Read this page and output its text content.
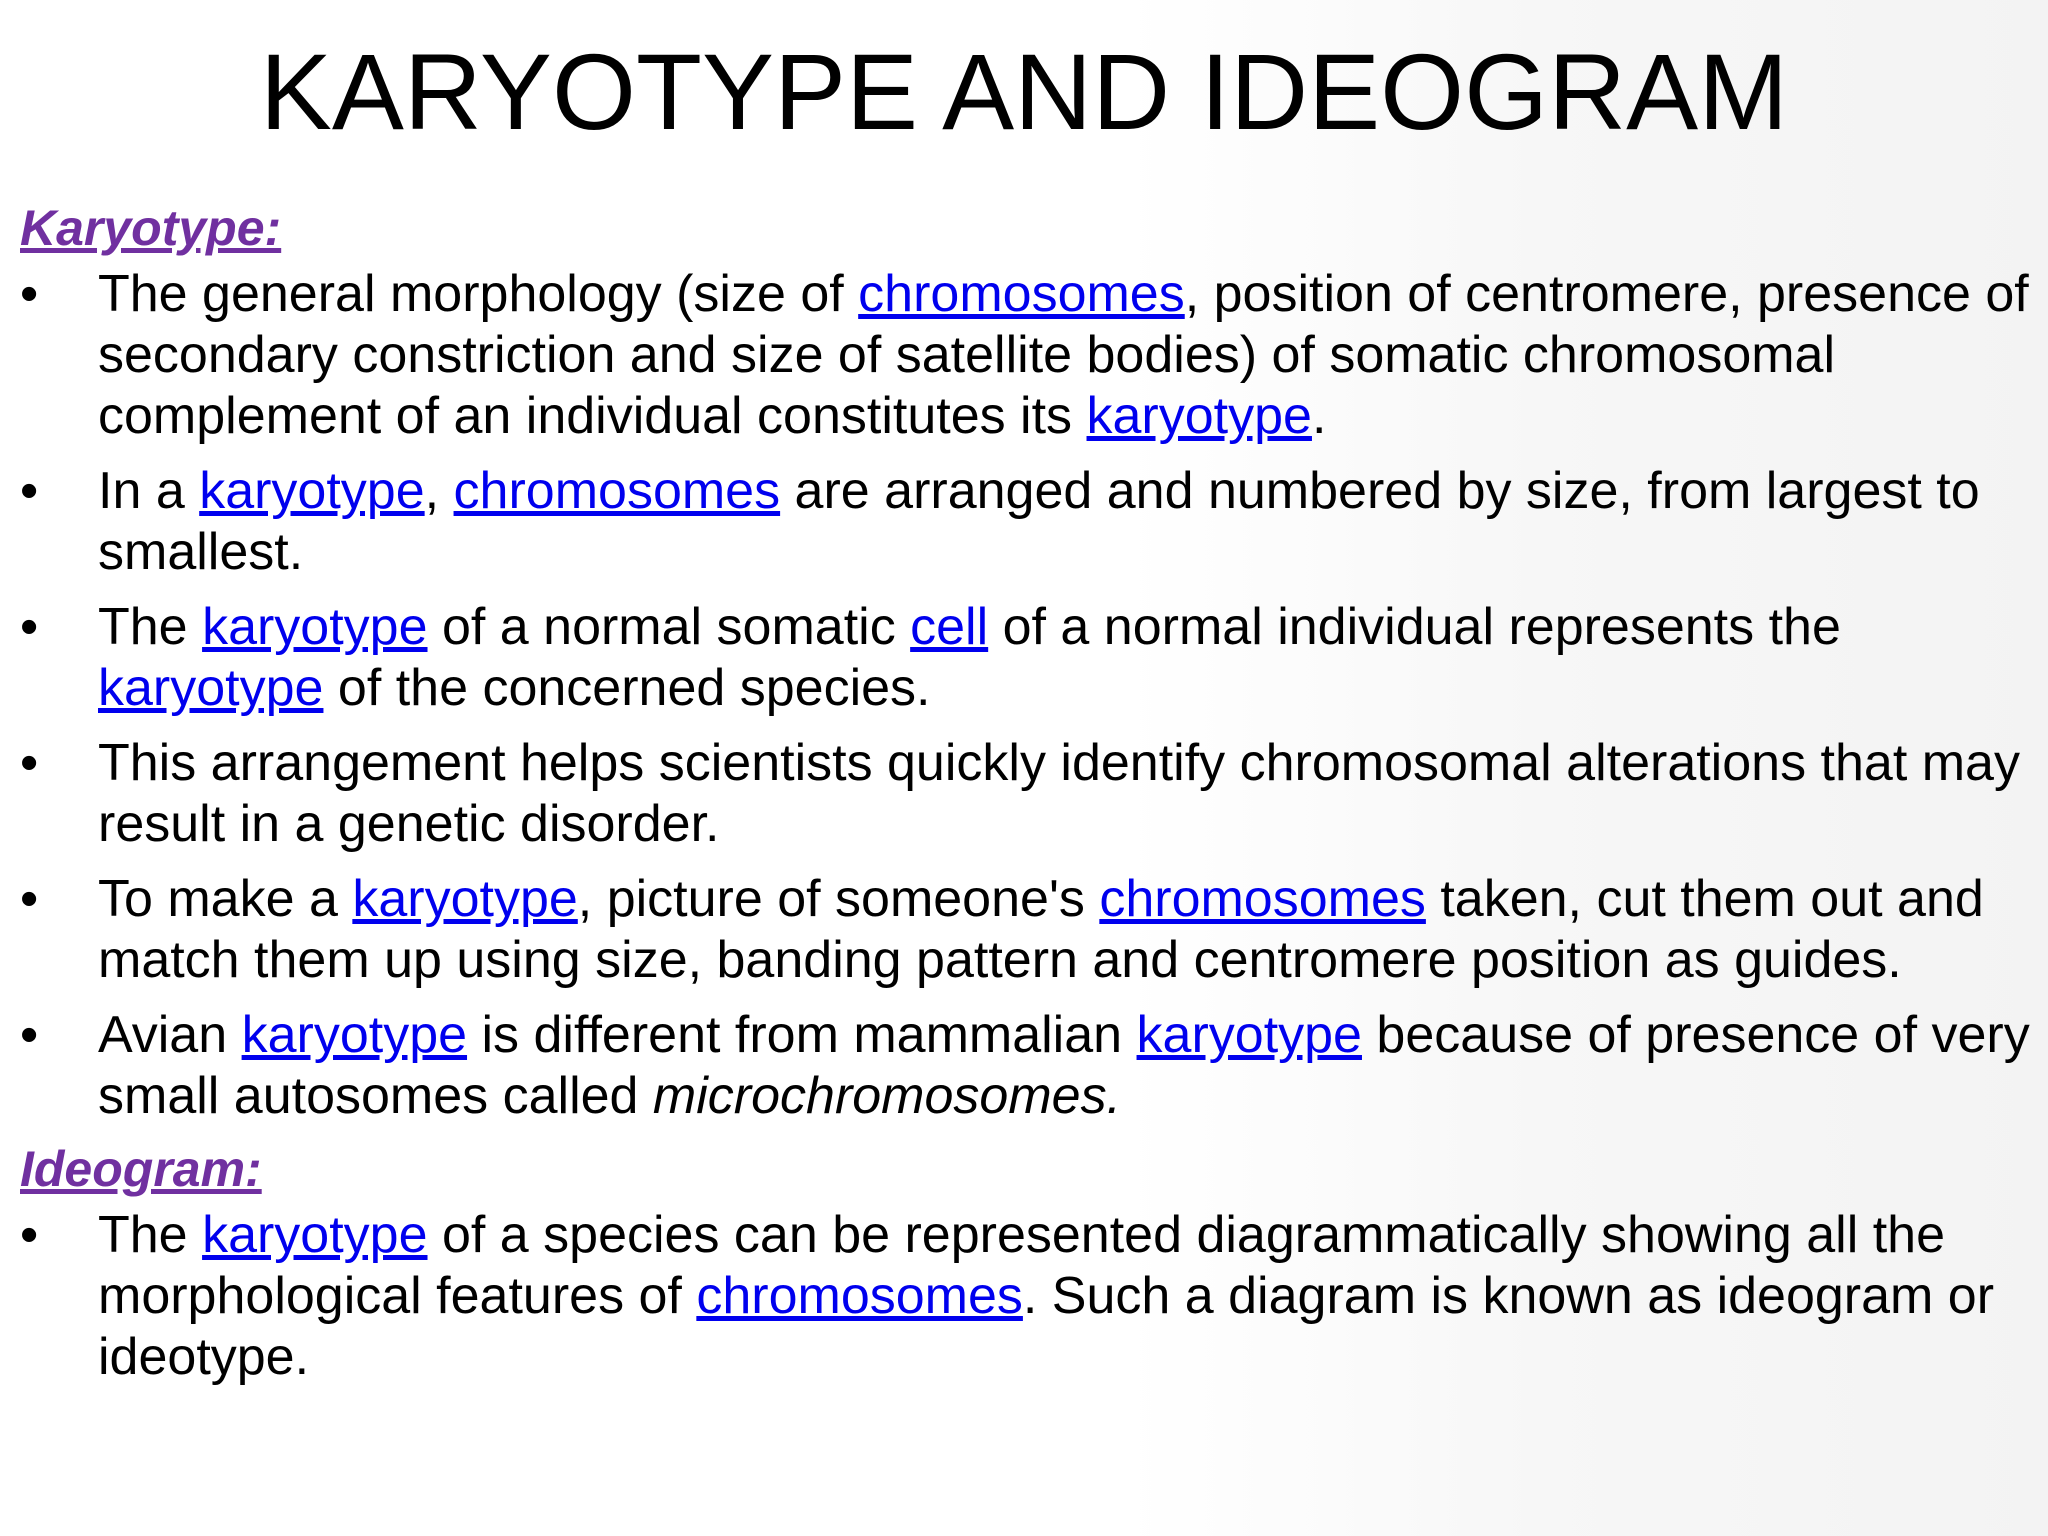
KARYOTYPE AND IDEOGRAM
Karyotype:
•	The general morphology (size of chromosomes, position of centromere, presence of secondary constriction and size of satellite bodies) of somatic chromosomal complement of an individual constitutes its karyotype.
•	In a karyotype, chromosomes are arranged and numbered by size, from largest to smallest.
•	The karyotype of a normal somatic cell of a normal individual represents the karyotype of the concerned species.
•	This arrangement helps scientists quickly identify chromosomal alterations that may result in a genetic disorder.
•	To make a karyotype, picture of someone's chromosomes taken, cut them out and match them up using size, banding pattern and centromere position as guides.
•	Avian karyotype is different from mammalian karyotype because of presence of very small autosomes called microchromosomes.
Ideogram:
•	The karyotype of a species can be represented diagrammatically showing all the morphological features of chromosomes. Such a diagram is known as ideogram or ideotype.
